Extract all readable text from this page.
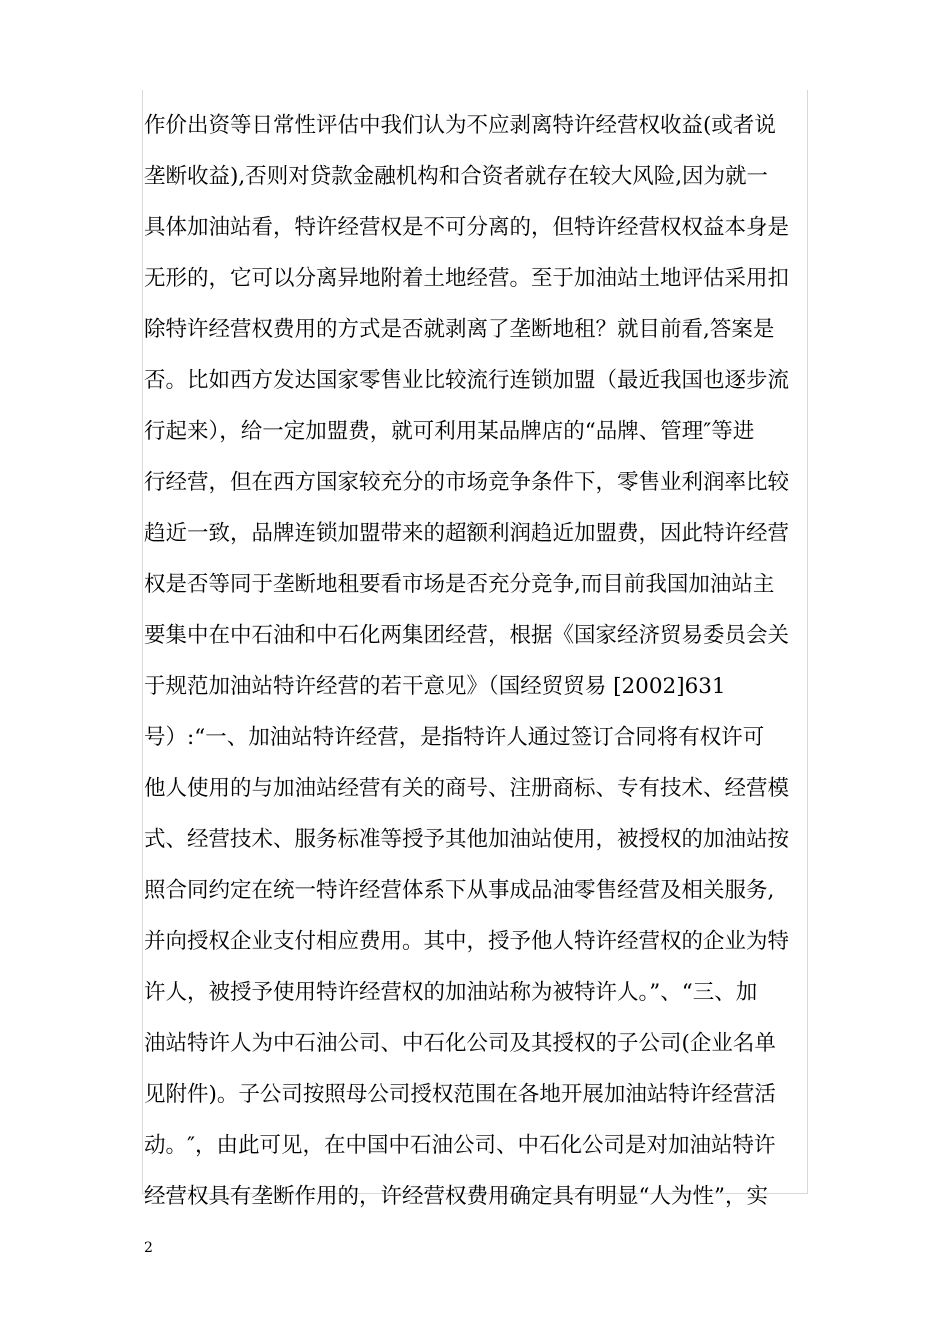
作价出资等日常性评估中我们认为不应剥离特许经营权收益(或者说
垄断收益),否则对贷款金融机构和合资者就存在较大风险,因为就一
具体加油站看，特许经营权是不可分离的，但特许经营权权益本身是
无形的，它可以分离异地附着土地经营。至于加油站土地评估采用扣
除特许经营权费用的方式是否就剥离了垄断地租？就目前看,答案是
否。比如西方发达国家零售业比较流行连锁加盟（最近我国也逐步流
行起来），给一定加盟费，就可利用某品牌店的“品牌、管理″等进
行经营，但在西方国家较充分的市场竞争条件下，零售业利润率比较
趋近一致，品牌连锁加盟带来的超额利润趋近加盟费，因此特许经营
权是否等同于垄断地租要看市场是否充分竞争,而目前我国加油站主
要集中在中石油和中石化两集团经营，根据《国家经济贸易委员会关
于规范加油站特许经营的若干意见》（国经贸贸易 [2002]631
号）:“一、加油站特许经营，是指特许人通过签订合同将有权许可
他人使用的与加油站经营有关的商号、注册商标、专有技术、经营模
式、经营技术、服务标准等授予其他加油站使用，被授权的加油站按
照合同约定在统一特许经营体系下从事成品油零售经营及相关服务,
并向授权企业支付相应费用。其中，授予他人特许经营权的企业为特
许人，被授予使用特许经营权的加油站称为被特许人。”、“三、加
油站特许人为中石油公司、中石化公司及其授权的子公司(企业名单
见附件)。子公司按照母公司授权范围在各地开展加油站特许经营活
动。″，由此可见，在中国中石油公司、中石化公司是对加油站特许
经营权具有垄断作用的，许经营权费用确定具有明显“人为性”，实
2
